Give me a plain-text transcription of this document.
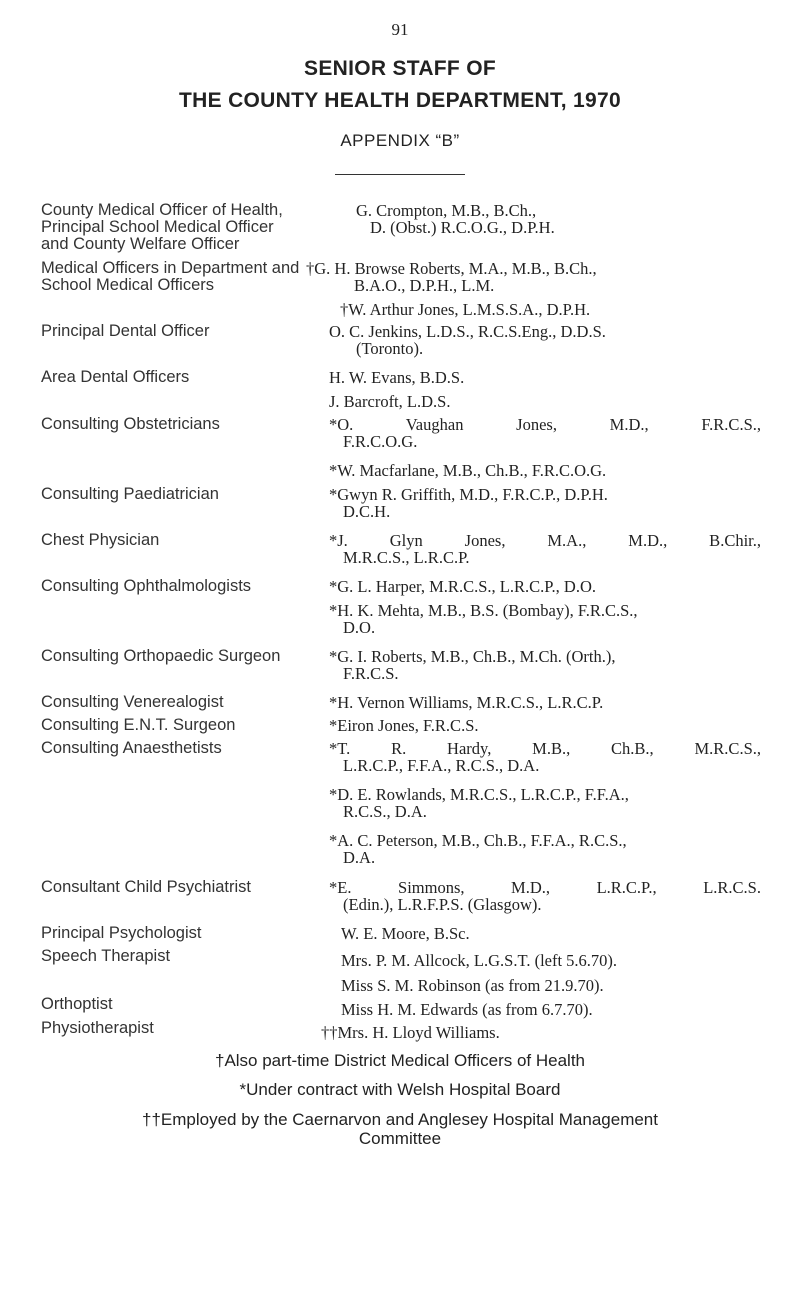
91
SENIOR STAFF OF
THE COUNTY HEALTH DEPARTMENT, 1970
APPENDIX “B”
County Medical Officer of Health,	G. Crompton, M.B., B.Ch.,
Principal School Medical Officer	D. (Obst.) R.C.O.G., D.P.H.
and County Welfare Officer
Medical Officers in Department and †G. H. Browse Roberts, M.A., M.B., B.Ch.,
School Medical Officers	B.A.O., D.P.H., L.M.
†W. Arthur Jones, L.M.S.S.A., D.P.H.
Principal Dental Officer	O. C. Jenkins, L.D.S., R.C.S.Eng., D.D.S.
(Toronto).
Area Dental Officers	H. W. Evans, B.D.S.
J. Barcroft, L.D.S.
Consulting Obstetricians	*O. Vaughan Jones, M.D., F.R.C.S.,
F.R.C.O.G.
*W. Macfarlane, M.B., Ch.B., F.R.C.O.G.
Consulting Paediatrician	*Gwyn R. Griffith, M.D., F.R.C.P., D.P.H.
D.C.H.
Chest Physician	*J. Glyn Jones, M.A., M.D., B.Chir.,
M.R.C.S., L.R.C.P.
Consulting Ophthalmologists	*G. L. Harper, M.R.C.S., L.R.C.P., D.O.
*H. K. Mehta, M.B., B.S. (Bombay), F.R.C.S.,
D.O.
Consulting Orthopaedic Surgeon	*G. I. Roberts, M.B., Ch.B., M.Ch. (Orth.),
F.R.C.S.
Consulting Venerealogist	*H. Vernon Williams, M.R.C.S., L.R.C.P.
Consulting E.N.T. Surgeon	*Eiron Jones, F.R.C.S.
Consulting Anaesthetists	*T. R. Hardy, M.B., Ch.B., M.R.C.S.,
L.R.C.P., F.F.A., R.C.S., D.A.
*D. E. Rowlands, M.R.C.S., L.R.C.P., F.F.A.,
R.C.S., D.A.
*A. C. Peterson, M.B., Ch.B., F.F.A., R.C.S.,
D.A.
Consultant Child Psychiatrist	*E. Simmons, M.D., L.R.C.P., L.R.C.S.
(Edin.), L.R.F.P.S. (Glasgow).
Principal Psychologist	W. E. Moore, B.Sc.
Speech Therapist	Mrs. P. M. Allcock, L.G.S.T. (left 5.6.70).
Miss S. M. Robinson (as from 21.9.70).
Orthoptist	Miss H. M. Edwards (as from 6.7.70).
Physiotherapist	††Mrs. H. Lloyd Williams.
†Also part-time District Medical Officers of Health
*Under contract with Welsh Hospital Board
††Employed by the Caernarvon and Anglesey Hospital Management
Committee
